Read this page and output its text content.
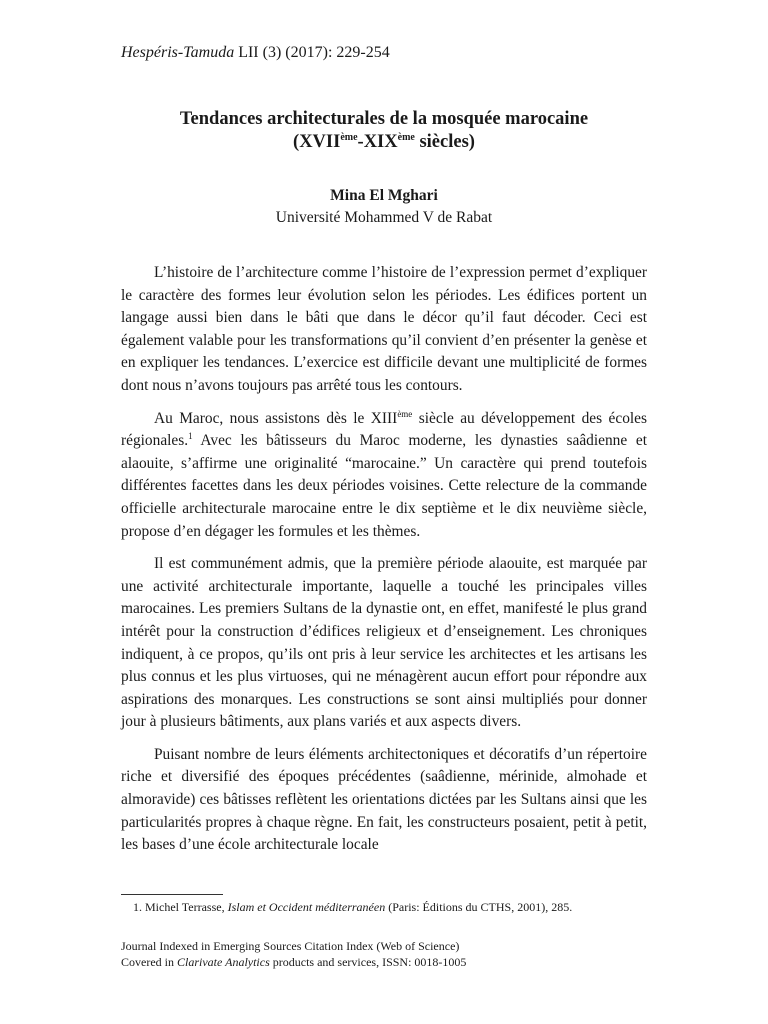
Hespéris-Tamuda LII (3) (2017): 229-254
Tendances architecturales de la mosquée marocaine
(XVIIème-XIXème siècles)
Mina El Mghari
Université Mohammed V de Rabat

L’histoire de l’architecture comme l’histoire de l’expression permet d’expliquer le caractère des formes leur évolution selon les périodes. Les édifices portent un langage aussi bien dans le bâti que dans le décor qu’il faut décoder. Ceci est également valable pour les transformations qu’il convient d’en présenter la genèse et en expliquer les tendances. L’exercice est difficile devant une multiplicité de formes dont nous n’avons toujours pas arrêté tous les contours.

Au Maroc, nous assistons dès le XIIIème siècle au développement des écoles régionales.$^1$ Avec les bâtisseurs du Maroc moderne, les dynasties saâdienne et alaouite, s’affirme une originalité “marocaine.” Un caractère qui prend toutefois différentes facettes dans les deux périodes voisines. Cette relecture de la commande officielle architecturale marocaine entre le dix septième et le dix neuvième siècle, propose d’en dégager les formules et les thèmes.

Il est communément admis, que la première période alaouite, est marquée par une activité architecturale importante, laquelle a touché les principales villes marocaines. Les premiers Sultans de la dynastie ont, en effet, manifesté le plus grand intérêt pour la construction d’édifices religieux et d’enseignement. Les chroniques indiquent, à ce propos, qu’ils ont pris à leur service les architectes et les artisans les plus connus et les plus virtuoses, qui ne ménagèrent aucun effort pour répondre aux aspirations des monarques. Les constructions se sont ainsi multipliés pour donner jour à plusieurs bâtiments, aux plans variés et aux aspects divers.

Puisant nombre de leurs éléments architectoniques et décoratifs d’un répertoire riche et diversifié des époques précédentes (saâdienne, mérinide, almohade et almoravide) ces bâtisses reflètent les orientations dictées par les Sultans ainsi que les particularités propres à chaque règne. En fait, les constructeurs posaient, petit à petit, les bases d’une école architecturale locale

1. Michel Terrasse, Islam et Occident méditerranéen (Paris: Éditions du CTHS, 2001), 285.
Journal Indexed in Emerging Sources Citation Index (Web of Science)
Covered in Clarivate Analytics products and services, ISSN: 0018-1005
